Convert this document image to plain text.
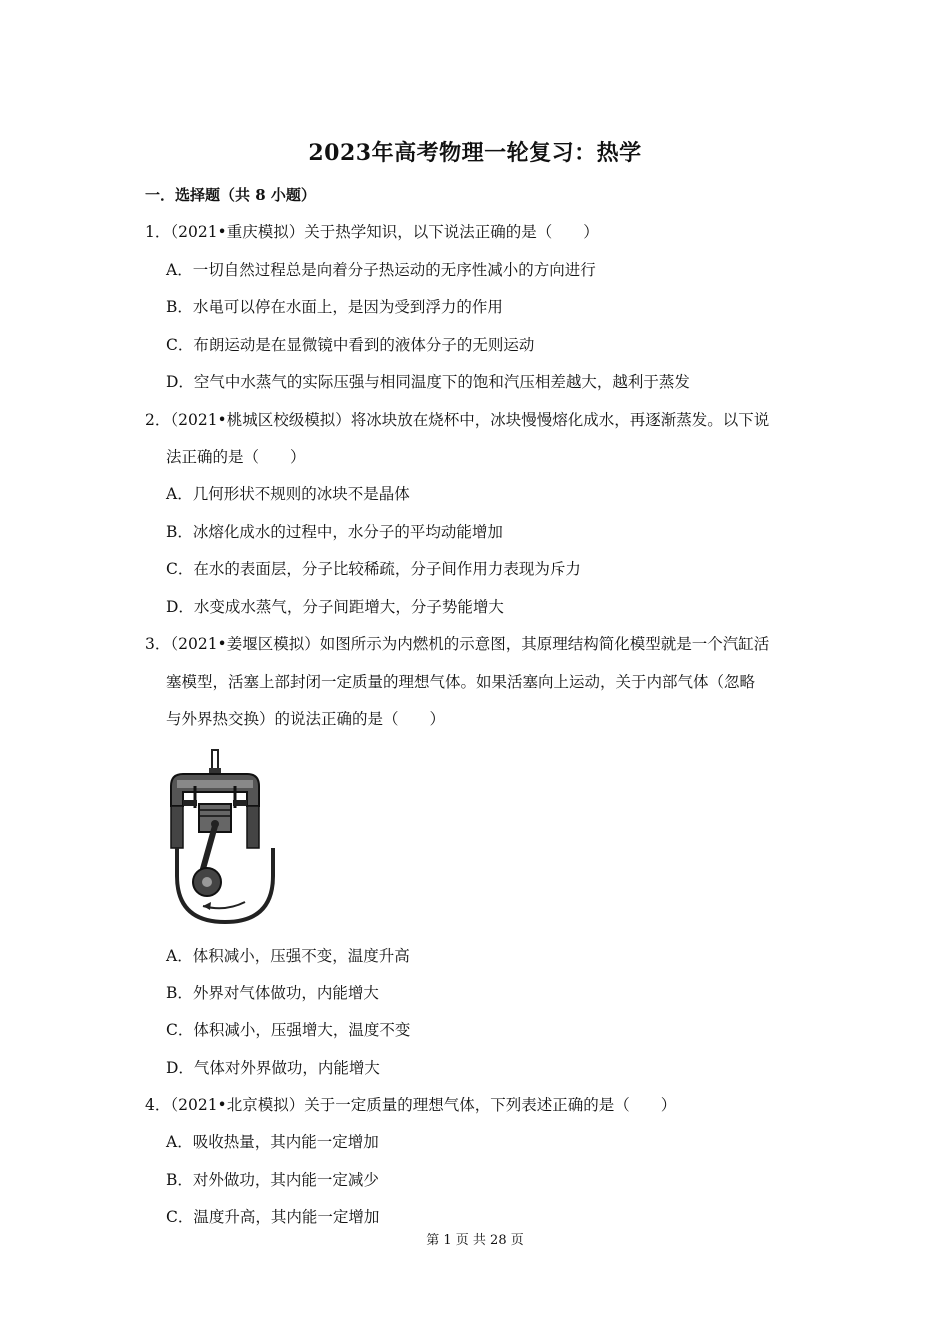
2023年高考物理一轮复习：热学
一．选择题（共 8 小题）
1．（2021•重庆模拟）关于热学知识，以下说法正确的是（　　）
A．一切自然过程总是向着分子热运动的无序性减小的方向进行
B．水黾可以停在水面上，是因为受到浮力的作用
C．布朗运动是在显微镜中看到的液体分子的无则运动
D．空气中水蒸气的实际压强与相同温度下的饱和汽压相差越大，越利于蒸发
2．（2021•桃城区校级模拟）将冰块放在烧杯中，冰块慢慢熔化成水，再逐渐蒸发。以下说
法正确的是（　　）
A．几何形状不规则的冰块不是晶体
B．冰熔化成水的过程中，水分子的平均动能增加
C．在水的表面层，分子比较稀疏，分子间作用力表现为斥力
D．水变成水蒸气，分子间距增大，分子势能增大
3．（2021•姜堰区模拟）如图所示为内燃机的示意图，其原理结构简化模型就是一个汽缸活
塞模型，活塞上部封闭一定质量的理想气体。如果活塞向上运动，关于内部气体（忽略
与外界热交换）的说法正确的是（　　）
A．体积减小，压强不变，温度升高
B．外界对气体做功，内能增大
C．体积减小，压强增大，温度不变
D．气体对外界做功，内能增大
4．（2021•北京模拟）关于一定质量的理想气体，下列表述正确的是（　　）
A．吸收热量，其内能一定增加
B．对外做功，其内能一定减少
C．温度升高，其内能一定增加
第 1 页 共 28 页
